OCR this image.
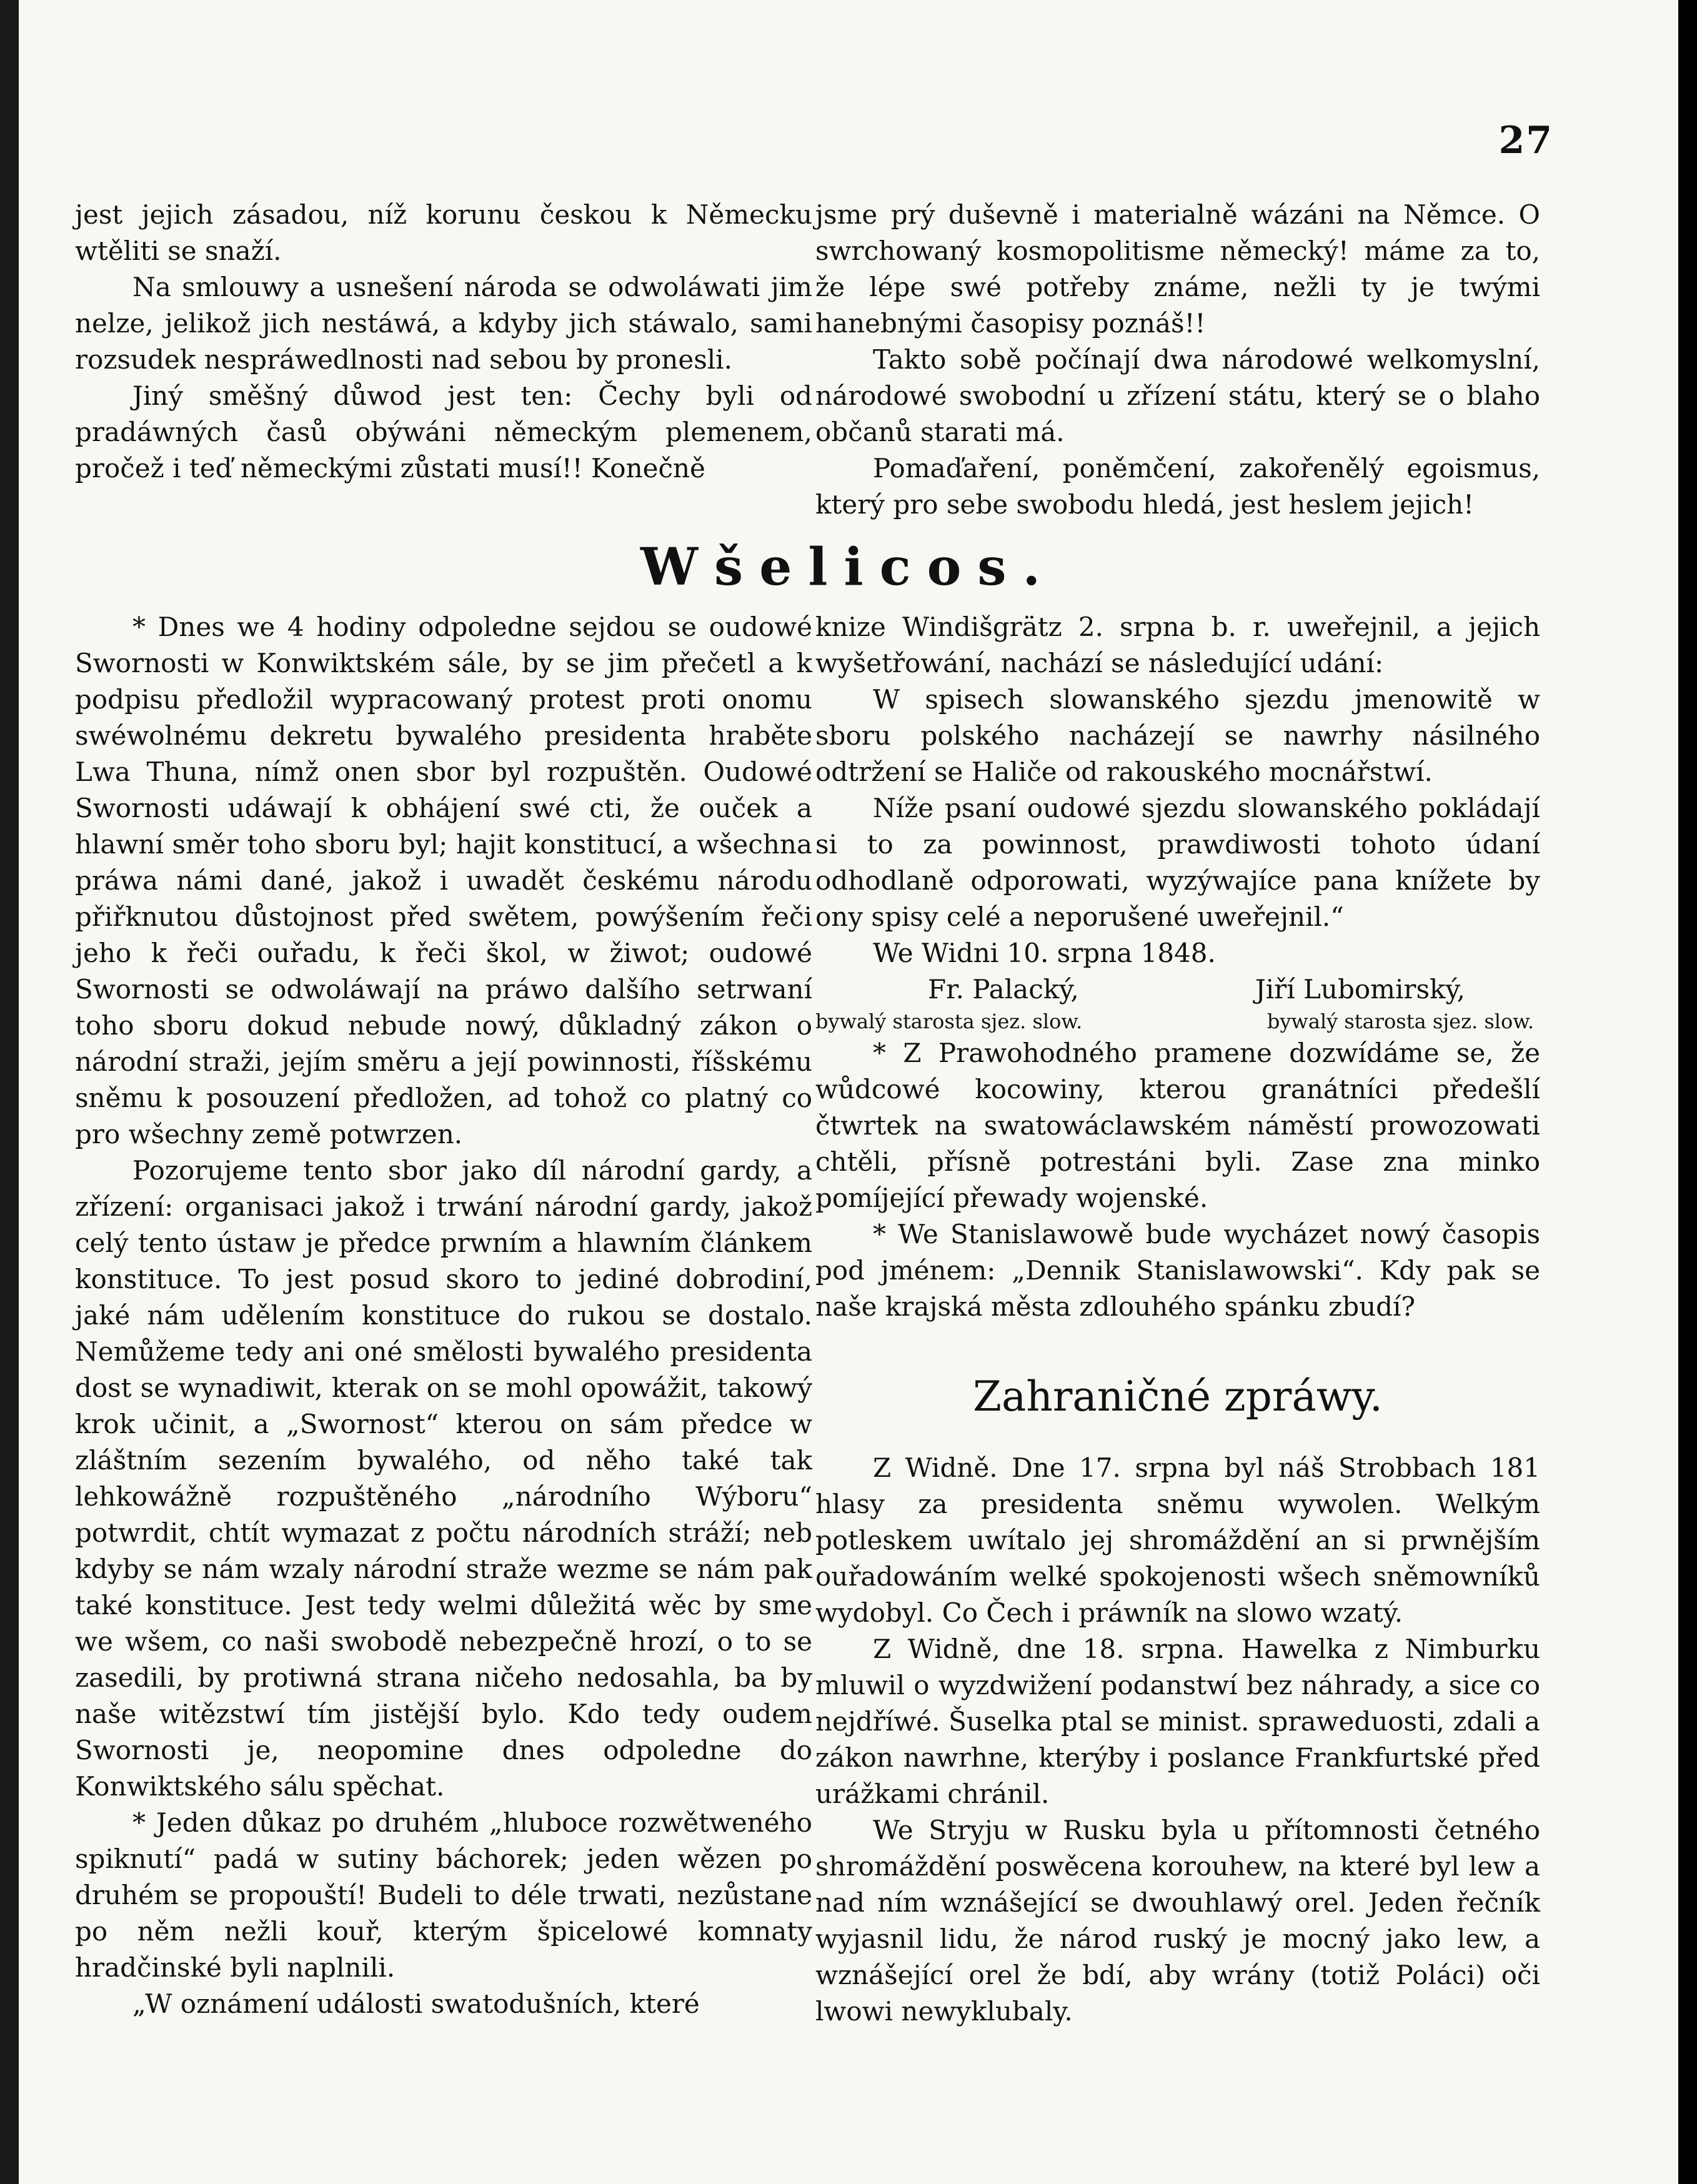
27

jest jejich zásadou, níž korunu českou k Německu wtěliti se snaží.

Na smlouwy a usnešení národa se odwoláwati jim nelze, jelikož jich nestáwá, a kdyby jich stáwalo, sami rozsudek nespráwedlnosti nad sebou by pronesli.

Jiný směšný důwod jest ten: Čechy byli od pradáwných časů obýwáni německým plemenem, pročež i teď německými zůstati musí!! Konečně

jsme prý duševně i materialně wázáni na Němce. O swrchowaný kosmopolitisme německý! máme za to, že lépe swé potřeby známe, nežli ty je twými hanebnými časopisy poznáš!!

Takto sobě počínají dwa národowé welkomyslní, národowé swobodní u zřízení státu, který se o blaho občanů starati má.

Pomaďaření, poněmčení, zakořenělý egoismus, který pro sebe swobodu hledá, jest heslem jejich!

Wšelicos.

* Dnes we 4 hodiny odpoledne sejdou se oudowé Swornosti w Konwiktském sále, by se jim přečetl a k podpisu předložil wypracowaný protest proti onomu swéwolnému dekretu bywalého presidenta hraběte Lwa Thuna, nímž onen sbor byl rozpuštěn. Oudowé Swornosti udáwají k obhájení swé cti, že ouček a hlawní směr toho sboru byl; hajit konstitucí, a wšechna práwa námi dané, jakož i uwadět českému národu přiřknutou důstojnost před swětem, powýšením řeči jeho k řeči ouřadu, k řeči škol, w žiwot; oudowé Swornosti se odwoláwají na práwo dalšího setrwaní toho sboru dokud nebude nowý, důkladný zákon o národní straži, jejím směru a její powinnosti, říšskému sněmu k posouzení předložen, ad tohož co platný co pro wšechny země potwrzen.

Pozorujeme tento sbor jako díl národní gardy, a zřízení: organisaci jakož i trwání národní gardy, jakož celý tento ústaw je předce prwním a hlawním článkem konstituce. To jest posud skoro to jediné dobrodiní, jaké nám udělením konstituce do rukou se dostalo. Nemůžeme tedy ani oné smělosti bywalého presidenta dost se wynadiwit, kterak on se mohl opowážit, takowý krok učinit, a „Swornost“ kterou on sám předce w zláštním sezením bywalého, od něho také tak lehkowážně rozpuštěného „národního Wýboru“ potwrdit, chtít wymazat z počtu národních stráží; neb kdyby se nám wzaly národní straže wezme se nám pak také konstituce. Jest tedy welmi důležitá wěc by sme we wšem, co naši swobodě nebezpečně hrozí, o to se zasedili, by protiwná strana ničeho nedosahla, ba by naše witězstwí tím jistější bylo. Kdo tedy oudem Swornosti je, neopomine dnes odpoledne do Konwiktského sálu spěchat.

* Jeden důkaz po druhém „hluboce rozwětweného spiknutí“ padá w sutiny báchorek; jeden wězen po druhém se propouští! Budeli to déle trwati, nezůstane po něm nežli kouř, kterým špicelowé komnaty hradčinské byli naplnili.

„W oznámení události swatodušních, které

knize Windišgrätz 2. srpna b. r. uweřejnil, a jejich wyšetřowání, nachází se následující udání:

W spisech slowanského sjezdu jmenowitě w sboru polského nacházejí se nawrhy násilného odtržení se Haliče od rakouského mocnářstwí.

Níže psaní oudowé sjezdu slowanského pokládají si to za powinnost, prawdiwosti tohoto údaní odhodlaně odporowati, wyzýwajíce pana knížete by ony spisy celé a neporušené uweřejnil.“

We Widni 10. srpna 1848.

Fr. Palacký,	Jiří Lubomirský,
bywalý starosta sjez. slow.	bywalý starosta sjez. slow.

* Z Prawohodného pramene dozwídáme se, že wůdcowé kocowiny, kterou granátníci předešlí čtwrtek na swatowáclawském náměstí prowozowati chtěli, přísně potrestáni byli. Zase zna minko pomíjející přewady wojenské.

* We Stanislawowě bude wycházet nowý časopis pod jménem: „Dennik Stanislawowski“. Kdy pak se naše krajská města zdlouhého spánku zbudí?

Zahraničné zpráwy.

Z Widně. Dne 17. srpna byl náš Strobbach 181 hlasy za presidenta sněmu wywolen. Welkým potleskem uwítalo jej shromáždění an si prwnějším ouřadowáním welké spokojenosti wšech sněmowníků wydobyl. Co Čech i práwník na slowo wzatý.

Z Widně, dne 18. srpna. Hawelka z Nimburku mluwil o wyzdwižení podanstwí bez náhrady, a sice co nejdříwé. Šuselka ptal se minist. spraweduosti, zdali a zákon nawrhne, kterýby i poslance Frankfurtské před urážkami chránil.

We Stryju w Rusku byla u přítomnosti četného shromáždění poswěcena korouhew, na které byl lew a nad ním wznášející se dwouhlawý orel. Jeden řečník wyjasnil lidu, že národ ruský je mocný jako lew, a wznášející orel že bdí, aby wrány (totiž Poláci) oči lwowi newyklubaly.
